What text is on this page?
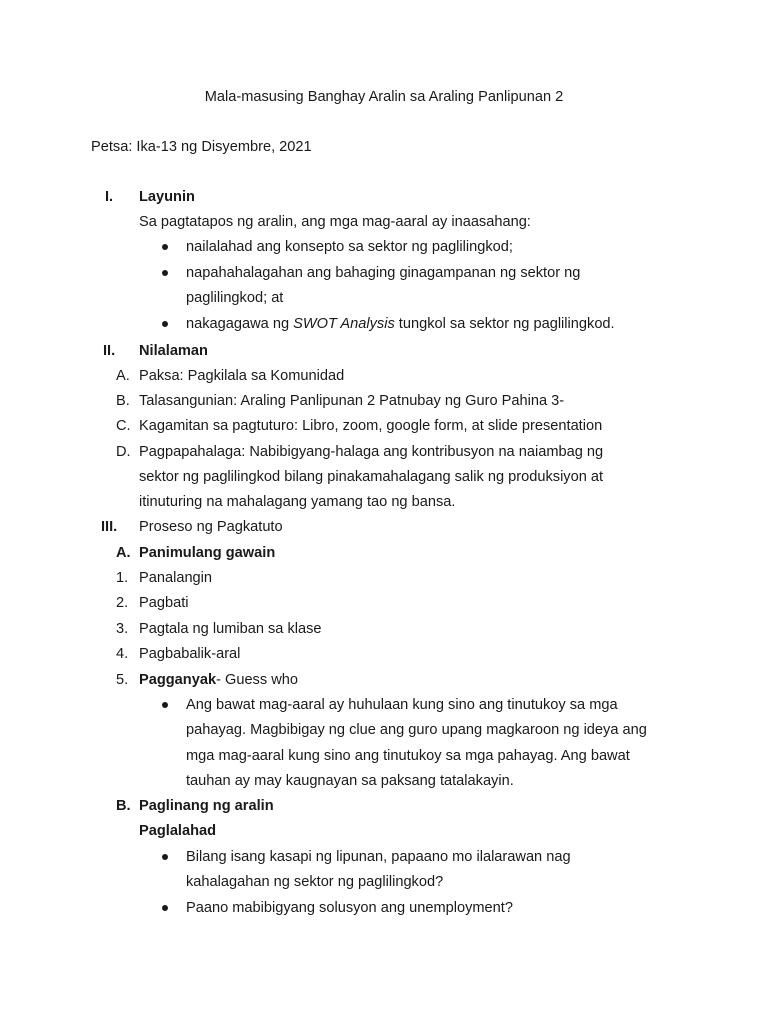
Mala-masusing Banghay Aralin sa Araling Panlipunan 2
Petsa: Ika-13 ng Disyembre, 2021
I. Layunin
Sa pagtatapos ng aralin, ang mga mag-aaral ay inaasahang:
nailalahad ang konsepto sa sektor ng paglilingkod;
napahahalagahan ang bahaging ginagampanan ng sektor ng
paglilingkod; at
nakagagawa ng SWOT Analysis tungkol sa sektor ng paglilingkod.
II. Nilalaman
A. Paksa: Pagkilala sa Komunidad
B. Talasangunian: Araling Panlipunan 2 Patnubay ng Guro Pahina 3-
C. Kagamitan sa pagtuturo: Libro, zoom, google form, at slide presentation
D. Pagpapahalaga: Nabibigyang-halaga ang kontribusyon na naiambag ng
sektor ng paglilingkod bilang pinakamahalagang salik ng produksiyon at
itinuturing na mahalagang yamang tao ng bansa.
III. Proseso ng Pagkatuto
A. Panimulang gawain
1. Panalangin
2. Pagbati
3. Pagtala ng lumiban sa klase
4. Pagbabalik-aral
5. Pagganyak- Guess who
Ang bawat mag-aaral ay huhulaan kung sino ang tinutukoy sa mga
pahayag. Magbibigay ng clue ang guro upang magkaroon ng ideya ang
mga mag-aaral kung sino ang tinutukoy sa mga pahayag. Ang bawat
tauhan ay may kaugnayan sa paksang tatalakayin.
B. Paglinang ng aralin
Paglalahad
Bilang isang kasapi ng lipunan, papaano mo ilalarawan nag
kahalagahan ng sektor ng paglilingkod?
Paano mabibigyang solusyon ang unemployment?
